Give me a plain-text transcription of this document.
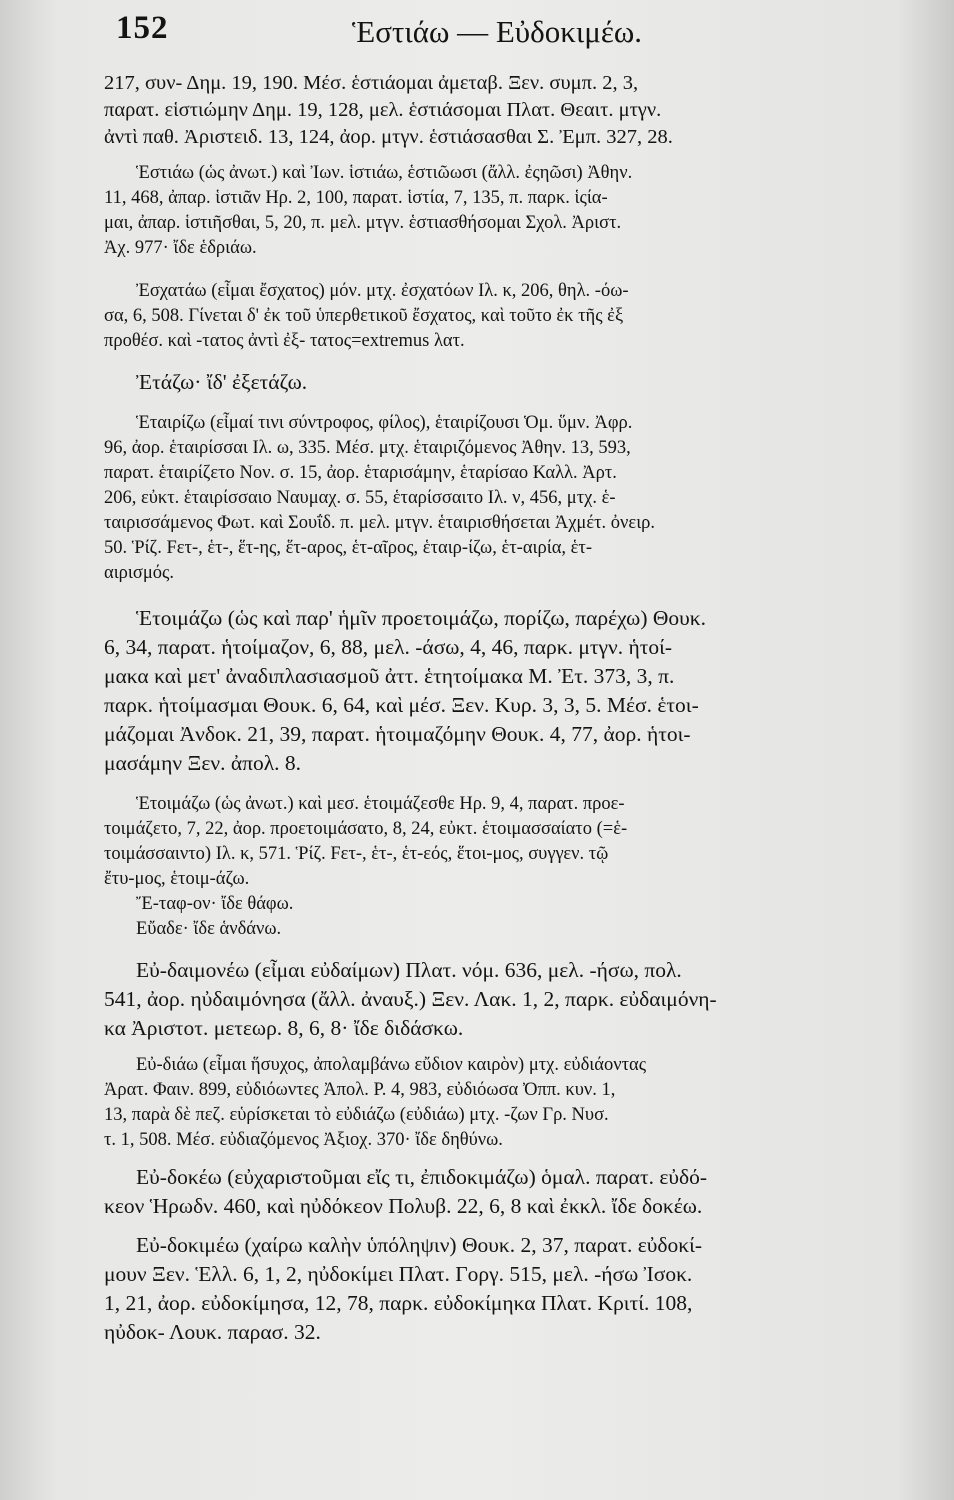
152	Ἑστιάω — Εὐδοκιμέω.
217, συν- Δημ. 19, 190. Μέσ. ἑστιάομαι ἀμεταβ. Ξεν. συμπ. 2, 3,
παρατ. εἱστιώμην Δημ. 19, 128, μελ. ἑστιάσομαι Πλατ. Θεαιτ. μτγν.
ἀντὶ παθ. Ἀριστειδ. 13, 124, ἀορ. μτγν. ἑστιάσασθαι Σ. Ἐμπ. 327, 28.
Ἑστιάω (ὡς ἀνωτ.) καὶ Ἰων. ἱστιάω, ἑστιῶωσι (ἄλλ. ἐςηῶσι) Ἀθην.
11, 468, ἀπαρ. ἱστιᾶν Ηρ. 2, 100, παρατ. ἱστία, 7, 135, π. παρκ. ἱςία-
μαι, ἀπαρ. ἱστιῆσθαι, 5, 20, π. μελ. μτγν. ἑστιασθήσομαι Σχολ. Ἀριστ.
Ἀχ. 977· ἴδε ἑδριάω.
Ἐσχατάω (εἶμαι ἔσχατος) μόν. μτχ. ἐσχατόων Ιλ. κ, 206, θηλ. -όω-
σα, 6, 508. Γίνεται δ' ἐκ τοῦ ὑπερθετικοῦ ἔσχατος, καὶ τοῦτο ἐκ τῆς ἐξ
προθέσ. καὶ -τατος ἀντὶ ἐξ- τατος=extremus λατ.
Ἐτάζω· ἴδ' ἐξετάζω.
Ἑταιρίζω (εἶμαί τινι σύντροφος, φίλος), ἑταιρίζουσι Ὁμ. ὕμν. Ἀφρ.
96, ἀορ. ἑταιρίσσαι Ιλ. ω, 335. Μέσ. μτχ. ἑταιριζόμενος Ἀθην. 13, 593,
παρατ. ἑταιρίζετο Νον. σ. 15, ἀορ. ἑταρισάμην, ἑταρίσαο Καλλ. Ἀρτ.
206, εὐκτ. ἑταιρίσσαιο Ναυμαχ. σ. 55, ἑταρίσσαιτο Ιλ. ν, 456, μτχ. ἑ-
ταιρισσάμενος Φωτ. καὶ Σουΐδ. π. μελ. μτγν. ἑταιρισθήσεται Ἀχμέτ. ὀνειρ.
50. Ῥίζ. Fετ-, ἑτ-, ἕτ-ης, ἕτ-αρος, ἑτ-αῖρος, ἑταιρ-ίζω, ἑτ-αιρία, ἑτ-
αιρισμός.
Ἑτοιμάζω (ὡς καὶ παρ' ἡμῖν προετοιμάζω, πορίζω, παρέχω) Θουκ.
6, 34, παρατ. ἡτοίμαζον, 6, 88, μελ. -άσω, 4, 46, παρκ. μτγν. ἡτοί-
μακα καὶ μετ' ἀναδιπλασιασμοῦ ἀττ. ἑτητοίμακα Μ. Ἐτ. 373, 3, π.
παρκ. ἡτοίμασμαι Θουκ. 6, 64, καὶ μέσ. Ξεν. Κυρ. 3, 3, 5. Μέσ. ἑτοι-
μάζομαι Ἀνδοκ. 21, 39, παρατ. ἡτοιμαζόμην Θουκ. 4, 77, ἀορ. ἡτοι-
μασάμην Ξεν. ἀπολ. 8.
Ἑτοιμάζω (ὡς ἀνωτ.) καὶ μεσ. ἑτοιμάζεσθε Ηρ. 9, 4, παρατ. προε-
τοιμάζετο, 7, 22, ἀορ. προετοιμάσατο, 8, 24, εὐκτ. ἑτοιμασσαίατο (=ἑ-
τοιμάσσαιντο) Ιλ. κ, 571. Ῥίζ. Fετ-, ἑτ-, ἑτ-εός, ἕτοι-μος, συγγεν. τῷ
ἔτυ-μος, ἑτοιμ-άζω.
Ἔ-ταφ-ον· ἴδε θάφω.
Εὔαδε· ἴδε ἁνδάνω.
Εὐ-δαιμονέω (εἶμαι εὐδαίμων) Πλατ. νόμ. 636, μελ. -ήσω, πολ.
541, ἀορ. ηὐδαιμόνησα (ἄλλ. ἀναυξ.) Ξεν. Λακ. 1, 2, παρκ. εὐδαιμόνη-
κα Ἀριστοτ. μετεωρ. 8, 6, 8· ἴδε διδάσκω.
Εὐ-διάω (εἶμαι ἥσυχος, ἀπολαμβάνω εὔδιον καιρὸν) μτχ. εὐδιάοντας
Ἀρατ. Φαιν. 899, εὐδιόωντες Ἀπολ. Ρ. 4, 983, εὐδιόωσα Ὀππ. κυν. 1,
13, παρὰ δὲ πεζ. εὑρίσκεται τὸ εὐδιάζω (εὐδιάω) μτχ. -ζων Γρ. Νυσ.
τ. 1, 508. Μέσ. εὐδιαζόμενος Ἀξιοχ. 370· ἴδε δηθύνω.
Εὐ-δοκέω (εὐχαριστοῦμαι εἴς τι, ἐπιδοκιμάζω) ὁμαλ. παρατ. εὐδό-
κεον Ἡρωδν. 460, καὶ ηὐδόκεον Πολυβ. 22, 6, 8 καὶ ἐκκλ. ἴδε δοκέω.
Εὐ-δοκιμέω (χαίρω καλὴν ὑπόληψιν) Θουκ. 2, 37, παρατ. εὐδοκί-
μουν Ξεν. Ἑλλ. 6, 1, 2, ηὐδοκίμει Πλατ. Γοργ. 515, μελ. -ήσω Ἰσοκ.
1, 21, ἀορ. εὐδοκίμησα, 12, 78, παρκ. εὐδοκίμηκα Πλατ. Κριτί. 108,
ηὐδοκ- Λουκ. παρασ. 32.
